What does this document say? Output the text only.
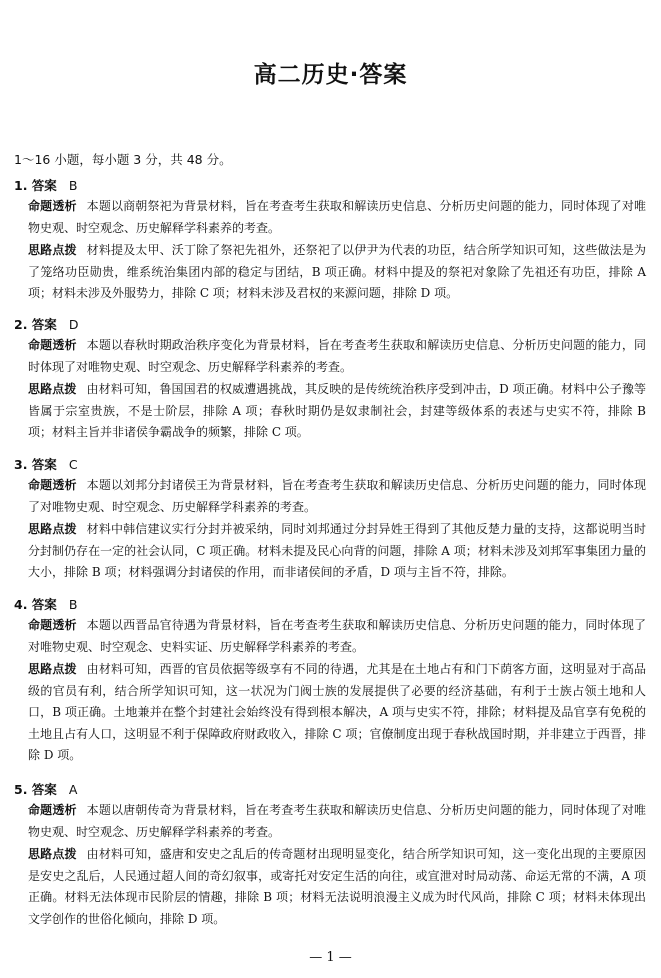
高二历史·答案
1～16 小题，每小题 3 分，共 48 分。
1. 答案 B
命题透析 本题以商朝祭祀为背景材料，旨在考查考生获取和解读历史信息、分析历史问题的能力，同时体现了对唯物史观、时空观念、历史解释学科素养的考查。
思路点拨 材料提及太甲、沃丁除了祭祀先祖外，还祭祀了以伊尹为代表的功臣，结合所学知识可知，这些做法是为了笼络功臣勋贵，维系统治集团内部的稳定与团结，B 项正确。材料中提及的祭祀对象除了先祖还有功臣，排除 A 项；材料未涉及外服势力，排除 C 项；材料未涉及君权的来源问题，排除 D 项。
2. 答案 D
命题透析 本题以春秋时期政治秩序变化为背景材料，旨在考查考生获取和解读历史信息、分析历史问题的能力，同时体现了对唯物史观、时空观念、历史解释学科素养的考查。
思路点拨 由材料可知，鲁国国君的权威遭遇挑战，其反映的是传统统治秩序受到冲击，D 项正确。材料中公子豫等皆属于宗室贵族，不是士阶层，排除 A 项；春秋时期仍是奴隶制社会，封建等级体系的表述与史实不符，排除 B 项；材料主旨并非诸侯争霸战争的频繁，排除 C 项。
3. 答案 C
命题透析 本题以刘邦分封诸侯王为背景材料，旨在考查考生获取和解读历史信息、分析历史问题的能力，同时体现了对唯物史观、时空观念、历史解释学科素养的考查。
思路点拨 材料中韩信建议实行分封并被采纳，同时刘邦通过分封异姓王得到了其他反楚力量的支持，这都说明当时分封制仍存在一定的社会认同，C 项正确。材料未提及民心向背的问题，排除 A 项；材料未涉及刘邦军事集团力量的大小，排除 B 项；材料强调分封诸侯的作用，而非诸侯间的矛盾，D 项与主旨不符，排除。
4. 答案 B
命题透析 本题以西晋品官待遇为背景材料，旨在考查考生获取和解读历史信息、分析历史问题的能力，同时体现了对唯物史观、时空观念、史料实证、历史解释学科素养的考查。
思路点拨 由材料可知，西晋的官员依据等级享有不同的待遇，尤其是在土地占有和门下荫客方面，这明显对于高品级的官员有利，结合所学知识可知，这一状况为门阀士族的发展提供了必要的经济基础，有利于士族占领土地和人口，B 项正确。土地兼并在整个封建社会始终没有得到根本解决，A 项与史实不符，排除；材料提及品官享有免税的土地且占有人口，这明显不利于保障政府财政收入，排除 C 项；官僚制度出现于春秋战国时期，并非建立于西晋，排除 D 项。
5. 答案 A
命题透析 本题以唐朝传奇为背景材料，旨在考查考生获取和解读历史信息、分析历史问题的能力，同时体现了对唯物史观、时空观念、历史解释学科素养的考查。
思路点拨 由材料可知，盛唐和安史之乱后的传奇题材出现明显变化，结合所学知识可知，这一变化出现的主要原因是安史之乱后，人民通过超人间的奇幻叙事，或寄托对安定生活的向往，或宣泄对时局动荡、命运无常的不满，A 项正确。材料无法体现市民阶层的情趣，排除 B 项；材料无法说明浪漫主义成为时代风尚，排除 C 项；材料未体现出文学创作的世俗化倾向，排除 D 项。
— 1 —
